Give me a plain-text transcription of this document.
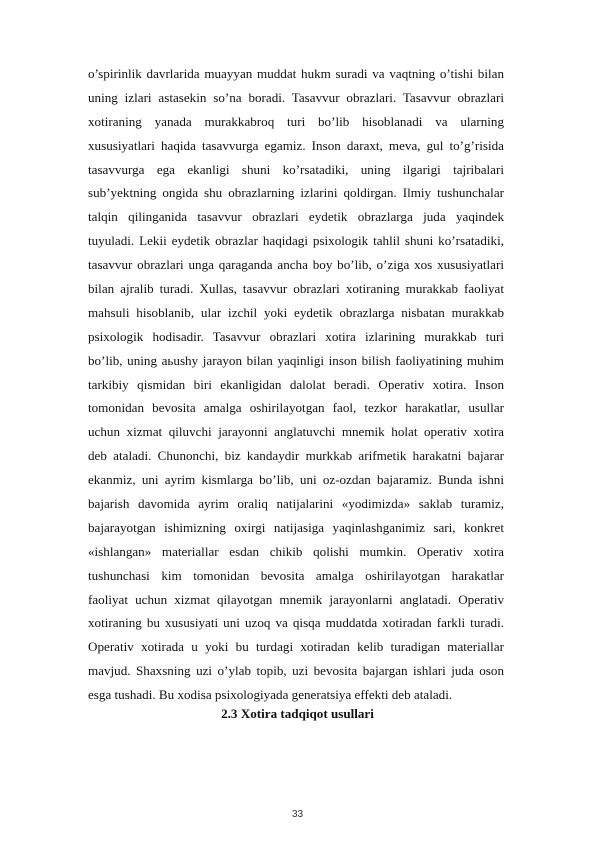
o’spirinlik davrlarida muayyan muddat hukm suradi va vaqtning o’tishi bilan
uning izlari astasekin so’na boradi. Tasavvur obrazlari. Tasavvur obrazlari
xotiraning yanada murakkabroq turi bo’lib hisoblanadi va ularning
xususiyatlari haqida tasavvurga egamiz. Inson daraxt, meva, gul to’g’risida
tasavvurga ega ekanligi shuni ko’rsatadiki, uning ilgarigi tajribalari
sub’yektning ongida shu obrazlarning izlarini qoldirgan. Ilmiy tushunchalar
talqin qilinganida tasavvur obrazlari eydetik obrazlarga juda yaqindek
tuyuladi. Lekii eydetik obrazlar haqidagi psixologik tahlil shuni ko’rsatadiki,
tasavvur obrazlari unga qaraganda ancha boy bo’lib, o’ziga xos xususiyatlari
bilan ajralib turadi. Xullas, tasavvur obrazlari xotiraning murakkab faoliyat
mahsuli hisoblanib, ular izchil yoki eydetik obrazlarga nisbatan murakkab
psixologik hodisadir. Tasavvur obrazlari xotira izlarining murakkab turi
bo’lib, uning aьushy jarayon bilan yaqinligi inson bilish faoliyatining muhim
tarkibiy qismidan biri ekanligidan dalolat beradi. Operativ xotira. Inson
tomonidan bevosita amalga oshirilayotgan faol, tezkor harakatlar, usullar
uchun xizmat qiluvchi jarayonni anglatuvchi mnemik holat operativ xotira
deb ataladi. Chunonchi, biz kandaydir murkkab arifmetik harakatni bajarar
ekanmiz, uni ayrim kismlarga bo’lib, uni oz-ozdan bajaramiz. Bunda ishni
bajarish davomida ayrim oraliq natijalarini «yodimizda» saklab turamiz,
bajarayotgan ishimizning oxirgi natijasiga yaqinlashganimiz sari, konkret
«ishlangan» materiallar esdan chikib qolishi mumkin. Operativ xotira
tushunchasi kim tomonidan bevosita amalga oshirilayotgan harakatlar
faoliyat uchun xizmat qilayotgan mnemik jarayonlarni anglatadi. Operativ
xotiraning bu xususiyati uni uzoq va qisqa muddatda xotiradan farkli turadi.
Operativ xotirada u yoki bu turdagi xotiradan kelib turadigan materiallar
mavjud. Shaxsning uzi o’ylab topib, uzi bevosita bajargan ishlari juda oson
esga tushadi. Bu xodisa psixologiyada generatsiya effekti deb ataladi.
2.3 Xotira tadqiqot usullari
33
